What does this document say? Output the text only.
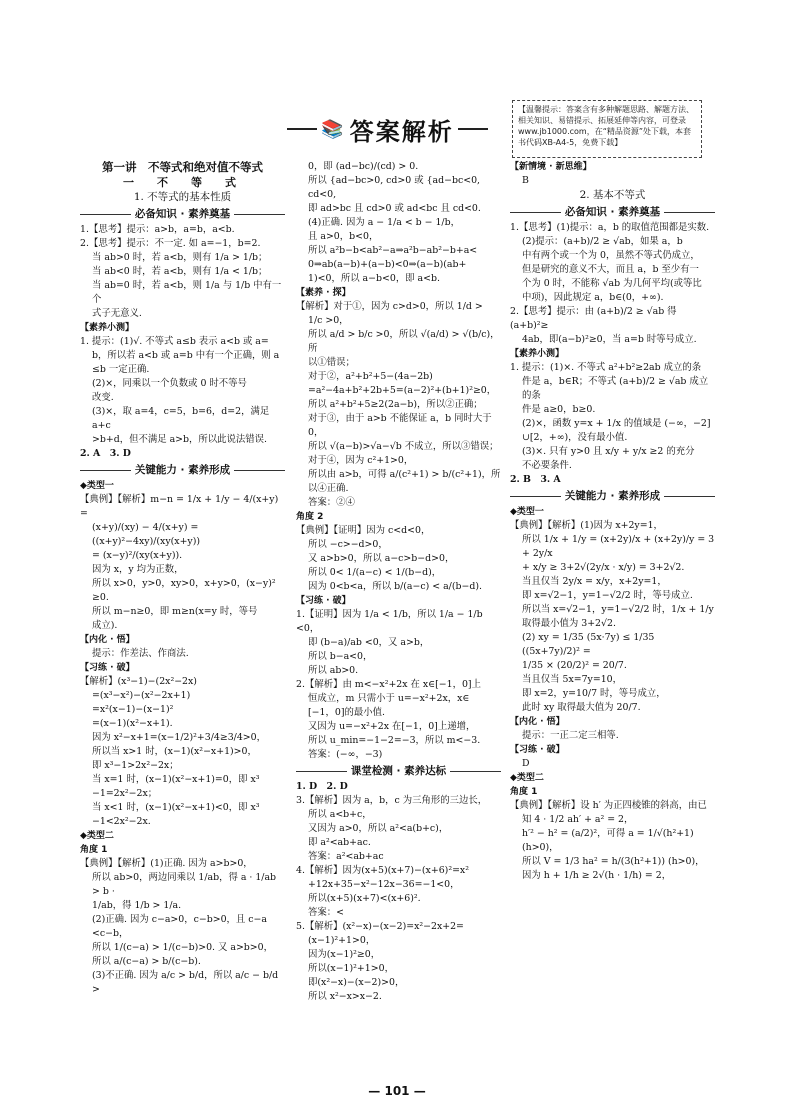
📚 答案解析
【温馨提示：答案含有多种解题思路、解题方法、相关知识、易错提示、拓展延伸等内容，可登录www.jb1000.com，在“精品资源”处下载，本套书代码XB-A4-5，免费下载】
第一讲　不等式和绝对值不等式
一　不　等　式
1. 不等式的基本性质
必备知识 · 素养奠基
1.【思考】提示：a>b，a=b，a<b.
2.【思考】提示：不一定. 如 a=−1，b=2.
当 ab>0 时，若 a<b，则有 1/a > 1/b；
当 ab<0 时，若 a<b，则有 1/a < 1/b；
当 ab=0 时，若 a<b，则 1/a 与 1/b 中有一个
式子无意义.
【素养小测】
1. 提示：(1)√. 不等式 a≤b 表示 a<b 或 a=
b，所以若 a<b 或 a=b 中有一个正确，则 a
≤b 一定正确.
(2)×，同乘以一个负数或 0 时不等号
改变.
(3)×，取 a=4，c=5，b=6，d=2，满足 a+c
>b+d，但不满足 a>b，所以此说法错误.
2. A　3. D
关键能力 · 素养形成
◆类型一
【典例】【解析】m−n = 1/x + 1/y − 4/(x+y) =
(x+y)/(xy) − 4/(x+y) = ((x+y)²−4xy)/(xy(x+y))
= (x−y)²/(xy(x+y)).
因为 x，y 均为正数，
所以 x>0，y>0，xy>0，x+y>0，(x−y)²
≥0.
所以 m−n≥0，即 m≥n(x=y 时，等号
成立).
【内化 · 悟】
提示：作差法、作商法.
【习练 · 破】
【解析】(x³−1)−(2x²−2x)
=(x³−x²)−(x²−2x+1)
=x²(x−1)−(x−1)²
=(x−1)(x²−x+1).
因为 x²−x+1=(x−1/2)²+3/4≥3/4>0，
所以当 x>1 时，(x−1)(x²−x+1)>0，
即 x³−1>2x²−2x；
当 x=1 时，(x−1)(x²−x+1)=0，即 x³
−1=2x²−2x；
当 x<1 时，(x−1)(x²−x+1)<0，即 x³
−1<2x²−2x.
◆类型二
角度 1
【典例】【解析】(1)正确. 因为 a>b>0，
所以 ab>0，两边同乘以 1/ab，得 a · 1/ab > b ·
1/ab，得 1/b > 1/a.
(2)正确. 因为 c−a>0，c−b>0，且 c−a
<c−b，
所以 1/(c−a) > 1/(c−b)>0. 又 a>b>0，
所以 a/(c−a) > b/(c−b).
(3)不正确. 因为 a/c > b/d，所以 a/c − b/d >
0，即 (ad−bc)/(cd) > 0.
所以 {ad−bc>0, cd>0 或 {ad−bc<0, cd<0,
即 ad>bc 且 cd>0 或 ad<bc 且 cd<0.
(4)正确. 因为 a − 1/a < b − 1/b，
且 a>0，b<0，
所以 a²b−b<ab²−a⇒a²b−ab²−b+a<
0⇒ab(a−b)+(a−b)<0⇒(a−b)(ab+
1)<0，所以 a−b<0，即 a<b.
【素养 · 探】
【解析】对于①，因为 c>d>0，所以 1/d >
1/c >0，
所以 a/d > b/c >0，所以 √(a/d) > √(b/c)，所
以①错误；
对于②，a²+b²+5−(4a−2b)
=a²−4a+b²+2b+5=(a−2)²+(b+1)²≥0，
所以 a²+b²+5≥2(2a−b)，所以②正确；
对于③，由于 a>b 不能保证 a，b 同时大于 0，
所以 √(a−b)>√a−√b 不成立，所以③错误；
对于④，因为 c²+1>0，
所以由 a>b，可得 a/(c²+1) > b/(c²+1)，所以④正确.
答案：②④
角度 2
【典例】【证明】因为 c<d<0，
所以 −c>−d>0，
又 a>b>0，所以 a−c>b−d>0，
所以 0< 1/(a−c) < 1/(b−d)，
因为 0<b<a，所以 b/(a−c) < a/(b−d).
【习练 · 破】
1.【证明】因为 1/a < 1/b，所以 1/a − 1/b <0，
即 (b−a)/ab <0，又 a>b，
所以 b−a<0，
所以 ab>0.
2.【解析】由 m<−x²+2x 在 x∈[−1，0]上
恒成立，m 只需小于 u=−x²+2x，x∈
[−1，0]的最小值.
又因为 u=−x²+2x 在[−1，0]上递增，
所以 u_min=−1−2=−3，所以 m<−3.
答案：(−∞，−3)
课堂检测 · 素养达标
1. D　2. D
3.【解析】因为 a，b，c 为三角形的三边长，
所以 a<b+c，
又因为 a>0，所以 a²<a(b+c)，
即 a²<ab+ac.
答案：a²<ab+ac
4.【解析】因为(x+5)(x+7)−(x+6)²=x²
+12x+35−x²−12x−36=−1<0，
所以(x+5)(x+7)<(x+6)².
答案：<
5.【解析】(x²−x)−(x−2)=x²−2x+2=
(x−1)²+1>0，
因为(x−1)²≥0，
所以(x−1)²+1>0，
即(x²−x)−(x−2)>0，
所以 x²−x>x−2.
【新情境 · 新思维】
B
2. 基本不等式
必备知识 · 素养奠基
1.【思考】(1)提示：a，b 的取值范围都是实数.
(2)提示：(a+b)/2 ≥ √ab，如果 a，b
中有两个或一个为 0，虽然不等式仍成立，
但是研究的意义不大，而且 a，b 至少有一
个为 0 时，不能称 √ab 为几何平均(或等比
中项)，因此规定 a，b∈(0，+∞).
2.【思考】提示：由 (a+b)/2 ≥ √ab 得 (a+b)²≥
4ab，即(a−b)²≥0，当 a=b 时等号成立.
【素养小测】
1. 提示：(1)×. 不等式 a²+b²≥2ab 成立的条
件是 a，b∈R；不等式 (a+b)/2 ≥ √ab 成立的条
件是 a≥0，b≥0.
(2)×，函数 y=x + 1/x 的值域是 (−∞，−2]
∪[2，+∞)，没有最小值.
(3)×. 只有 y>0 且 x/y + y/x ≥2 的充分
不必要条件.
2. B　3. A
关键能力 · 素养形成
◆类型一
【典例】【解析】(1)因为 x+2y=1，
所以 1/x + 1/y = (x+2y)/x + (x+2y)/y = 3 + 2y/x
+ x/y ≥ 3+2√(2y/x · x/y) = 3+2√2.
当且仅当 2y/x = x/y，x+2y=1，
即 x=√2−1，y=1−√2/2 时，等号成立.
所以当 x=√2−1，y=1−√2/2 时，1/x + 1/y
取得最小值为 3+2√2.
(2) xy = 1/35 (5x·7y) ≤ 1/35 ((5x+7y)/2)² =
1/35 × (20/2)² = 20/7.
当且仅当 5x=7y=10，
即 x=2，y=10/7 时，等号成立，
此时 xy 取得最大值为 20/7.
【内化 · 悟】
提示：一正二定三相等.
【习练 · 破】
D
◆类型二
角度 1
【典例】【解析】设 h′ 为正四棱锥的斜高，由已
知 4 · 1/2 ah′ + a² = 2，
h′² − h² = (a/2)²，可得 a = 1/√(h²+1) (h>0)，
所以 V = 1/3 ha² = h/(3(h²+1)) (h>0)，
因为 h + 1/h ≥ 2√(h · 1/h) = 2，
— 101 —
